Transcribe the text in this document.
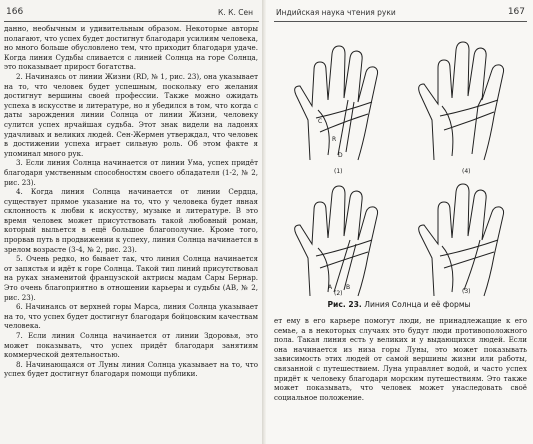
166	К. К. Сен

данно, необычным и удивительным образом. Некоторые авторы полагают, что успех будет достигнут благодаря усилиям человека, но много больше обусловлено тем, что приходит благодаря удаче. Когда линия Судьбы сливается с линией Солнца на горе Солнца, это показывает прирост богатства.

2. Начинаясь от линии Жизни (RD, № 1, рис. 23), она указывает на то, что человек будет успешным, поскольку его желания достигнут вершины своей профессии. Также можно ожидать успеха в искусстве и литературе, но я убедился в том, что когда с даты зарождения линии Солнца от линии Жизни, человеку сулится успех ярчайшая судьба. Этот знак видели на ладонях удачливых и великих людей. Сен-Жермен утверждал, что человек в достижении успеха играет сильную роль. Об этом факте я упоминал много рук.

3. Если линия Солнца начинается от линии Ума, успех придёт благодаря умственным способностям своего обладателя (1-2, № 2, рис. 23).

4. Когда линия Солнца начинается от линии Сердца, существует прямое указание на то, что у человека будет явная склонность к любви к искусству, музыке и литературе. В это время человек может присутствовать такой любовный роман, который выльется в ещё большое благополучие. Кроме того, прорвав путь в продвижении к успеху, линия Солнца начинается в зрелом возрасте (3-4, № 2, рис. 23).

5. Очень редко, но бывает так, что линия Солнца начинается от запястья и идёт к горе Солнца. Такой тип линий присутствовал на руках знаменитой французской актрисы мадам Сары Бернар. Это очень благоприятно в отношении карьеры и судьбы (АВ, № 2, рис. 23).

6. Начинаясь от верхней горы Марса, линия Солнца указывает на то, что успех будет достигнут благодаря бойцовским качествам человека.

7. Если линия Солнца начинается от линии Здоровья, это может показывать, что успех придёт благодаря занятиям коммерческой деятельностью.

8. Начинающаяся от Луны линия Солнца указывает на то, что успех будет достигнут благодаря помощи публики.

Индийская наука чтения руки	167
C
R
D
(1)	(4)
A B
(2)	(3)
Рис. 23. Линия Солнца и её формы

ет ему в его карьере помогут люди, не принадлежащие к его семье, а в некоторых случаях это будут люди противоположного пола. Такая линия есть у великих и у выдающихся людей. Если она начинается из низа горы Луны, это может показывать зависимость этих людей от самой вершины жизни или работы, связанной с путешествием. Луна управляет водой, и часто успех придёт к человеку благодаря морским путешествиям. Это также может показывать, что человек может унаследовать своё социальное положение.
